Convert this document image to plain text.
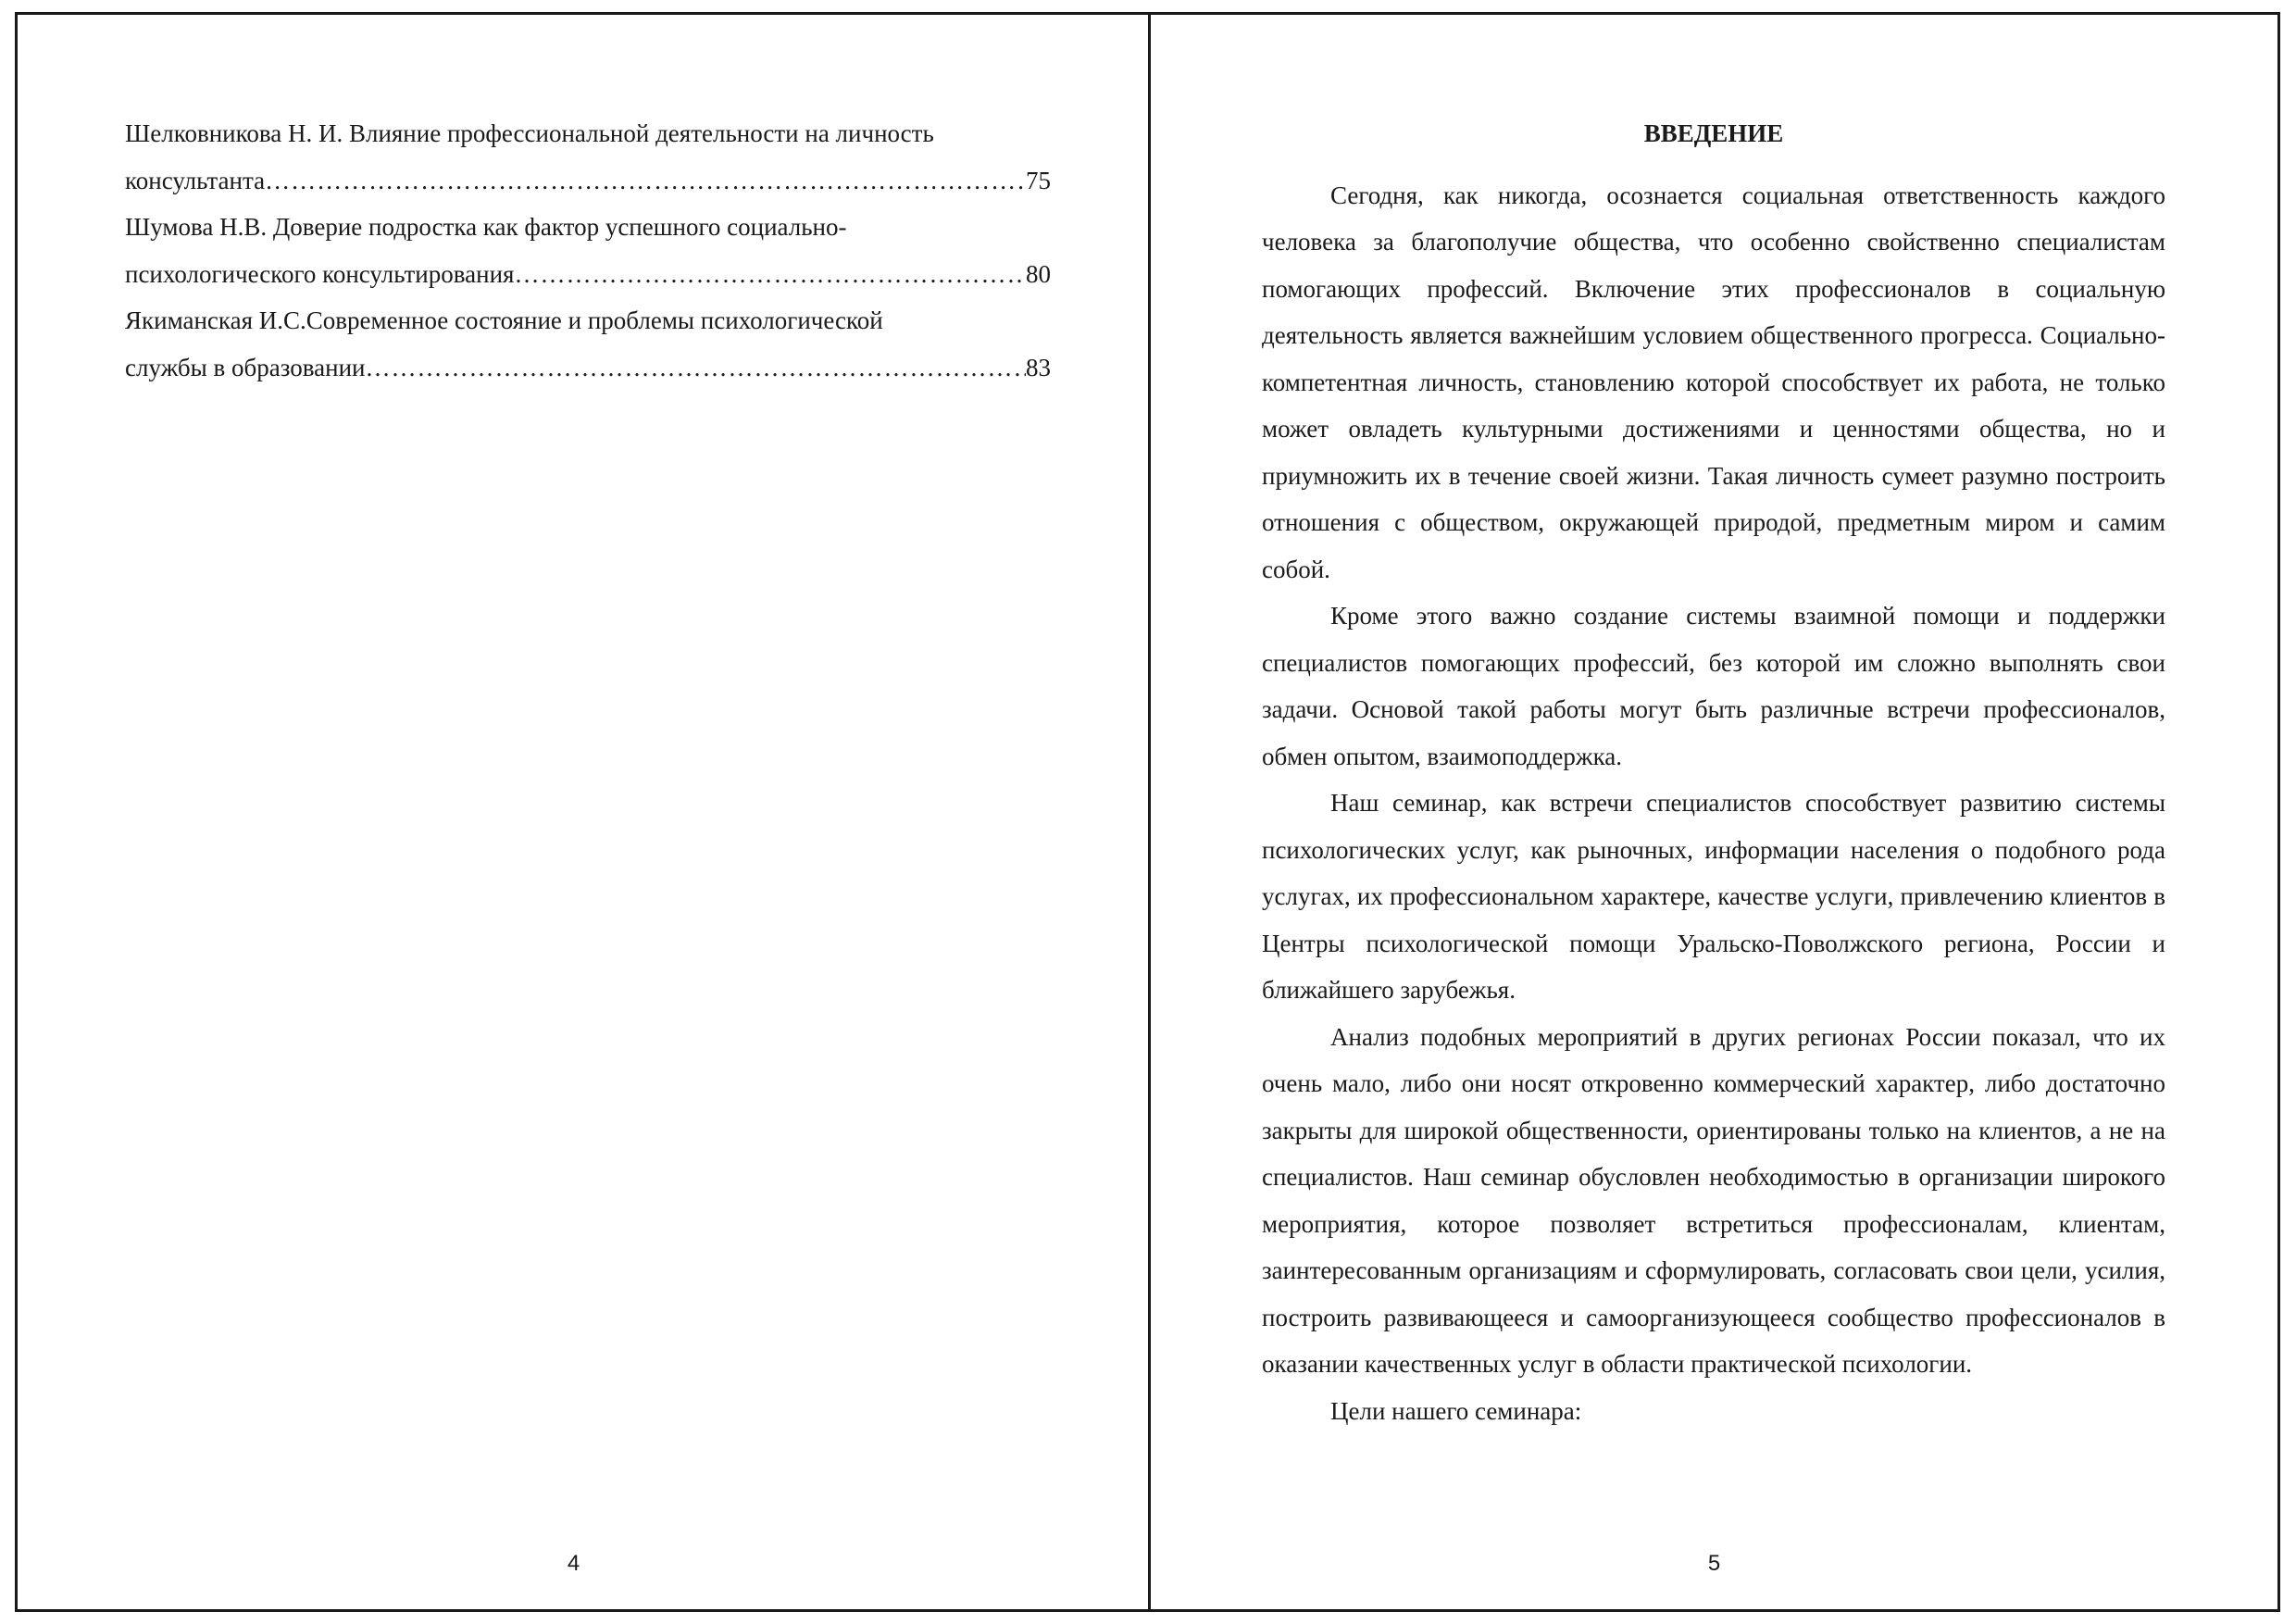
Шелковникова Н. И. Влияние профессиональной деятельности на личность
консультанта …………………………………………………………………………………………………………………………………………………………………………………………	75
Шумова Н.В. Доверие подростка как фактор успешного социально-
психологического консультирования …………………………………………………………………………………………………………………………………………………………………………………………	80
Якиманская И.С.Современное состояние и проблемы психологической
службы в образовании …………………………………………………………………………………………………………………………………………………………………………………………	83
4
ВВЕДЕНИЕ

Сегодня, как никогда, осознается социальная ответственность каждого человека за благополучие общества, что особенно свойственно специалистам помогающих профессий. Включение этих профессионалов в социальную деятельность является важнейшим условием общественного прогресса. Социально-компетентная личность, становлению которой способствует их работа, не только может овладеть культурными достижениями и ценностями общества, но и приумножить их в течение своей жизни. Такая личность сумеет разумно построить отношения с обществом, окружающей природой, предметным миром и самим собой.

Кроме этого важно создание системы взаимной помощи и поддержки специалистов помогающих профессий, без которой им сложно выполнять свои задачи. Основой такой работы могут быть различные встречи профессионалов, обмен опытом, взаимоподдержка.

Наш семинар, как встречи специалистов способствует развитию системы психологических услуг, как рыночных, информации населения о подобного рода услугах, их профессиональном характере, качестве услуги, привлечению клиентов в Центры психологической помощи Уральско-Поволжского региона, России и ближайшего зарубежья.

Анализ подобных мероприятий в других регионах России показал, что их очень мало, либо они носят откровенно коммерческий характер, либо достаточно закрыты для широкой общественности, ориентированы только на клиентов, а не на специалистов. Наш семинар обусловлен необходимостью в организации широкого мероприятия, которое позволяет встретиться профессионалам, клиентам, заинтересованным организациям и сформулировать, согласовать свои цели, усилия, построить развивающееся и самоорганизующееся сообщество профессионалов в оказании качественных услуг в области практической психологии.

Цели нашего семинара:

5
